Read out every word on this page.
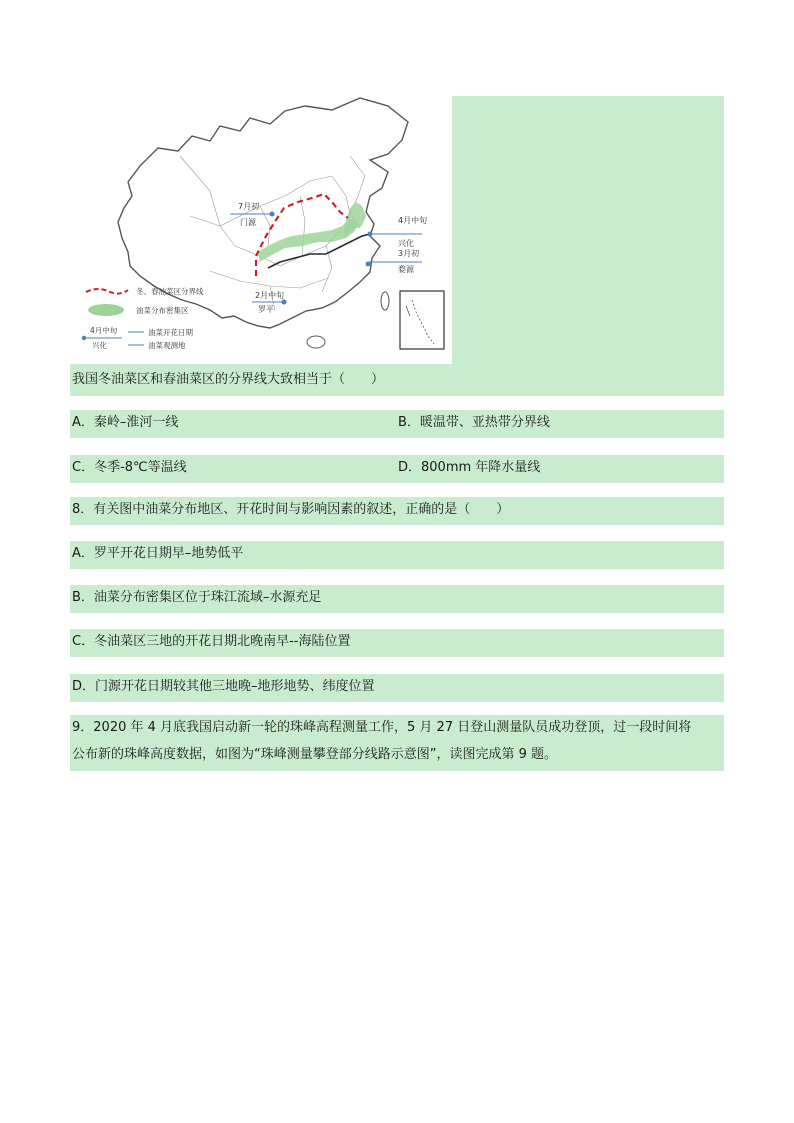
7月初
门源	4月中旬
兴化
3月初
婺源
2月中旬
罗平
冬、春油菜区分界线
油菜分布密集区
4月中旬
兴化
油菜开花日期
油菜观测地
我国冬油菜区和春油菜区的分界线大致相当于（　　）
A．秦岭–淮河一线	B．暖温带、亚热带分界线
C．冬季-8℃等温线	D．800mm 年降水量线
8．有关图中油菜分布地区、开花时间与影响因素的叙述，正确的是（　　）
A．罗平开花日期早–地势低平
B．油菜分布密集区位于珠江流域–水源充足
C．冬油菜区三地的开花日期北晚南早--海陆位置
D．门源开花日期较其他三地晚–地形地势、纬度位置
9．2020 年 4 月底我国启动新一轮的珠峰高程测量工作，5 月 27 日登山测量队员成功登顶，过一段时间将
公布新的珠峰高度数据，如图为“珠峰测量攀登部分线路示意图”，读图完成第 9 题。
